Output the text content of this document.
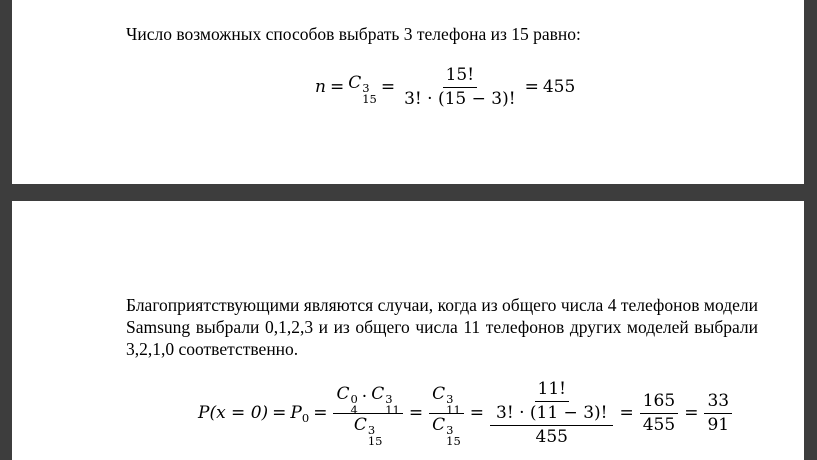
Число возможных способов выбрать 3 телефона из 15 равно:
n = C 3
15
= $\frac{15!}{3! \cdot (15 - 3)!} = 455$
Благоприятствующими являются случаи, когда из общего числа 4 телефонов модели Samsung выбрали 0,1,2,3 и из общего числа 11 телефонов других моделей выбрали 3,2,1,0 соответственно.
P(x = 0) = P 0 = C 0
4
· C 3
11
C 3
15 = C 3
11
C 3
$15 = \frac{\frac{11!}{3! \cdot (11 - 3)!}}{455} = \frac{165}{455} = \frac{33}{91}$
